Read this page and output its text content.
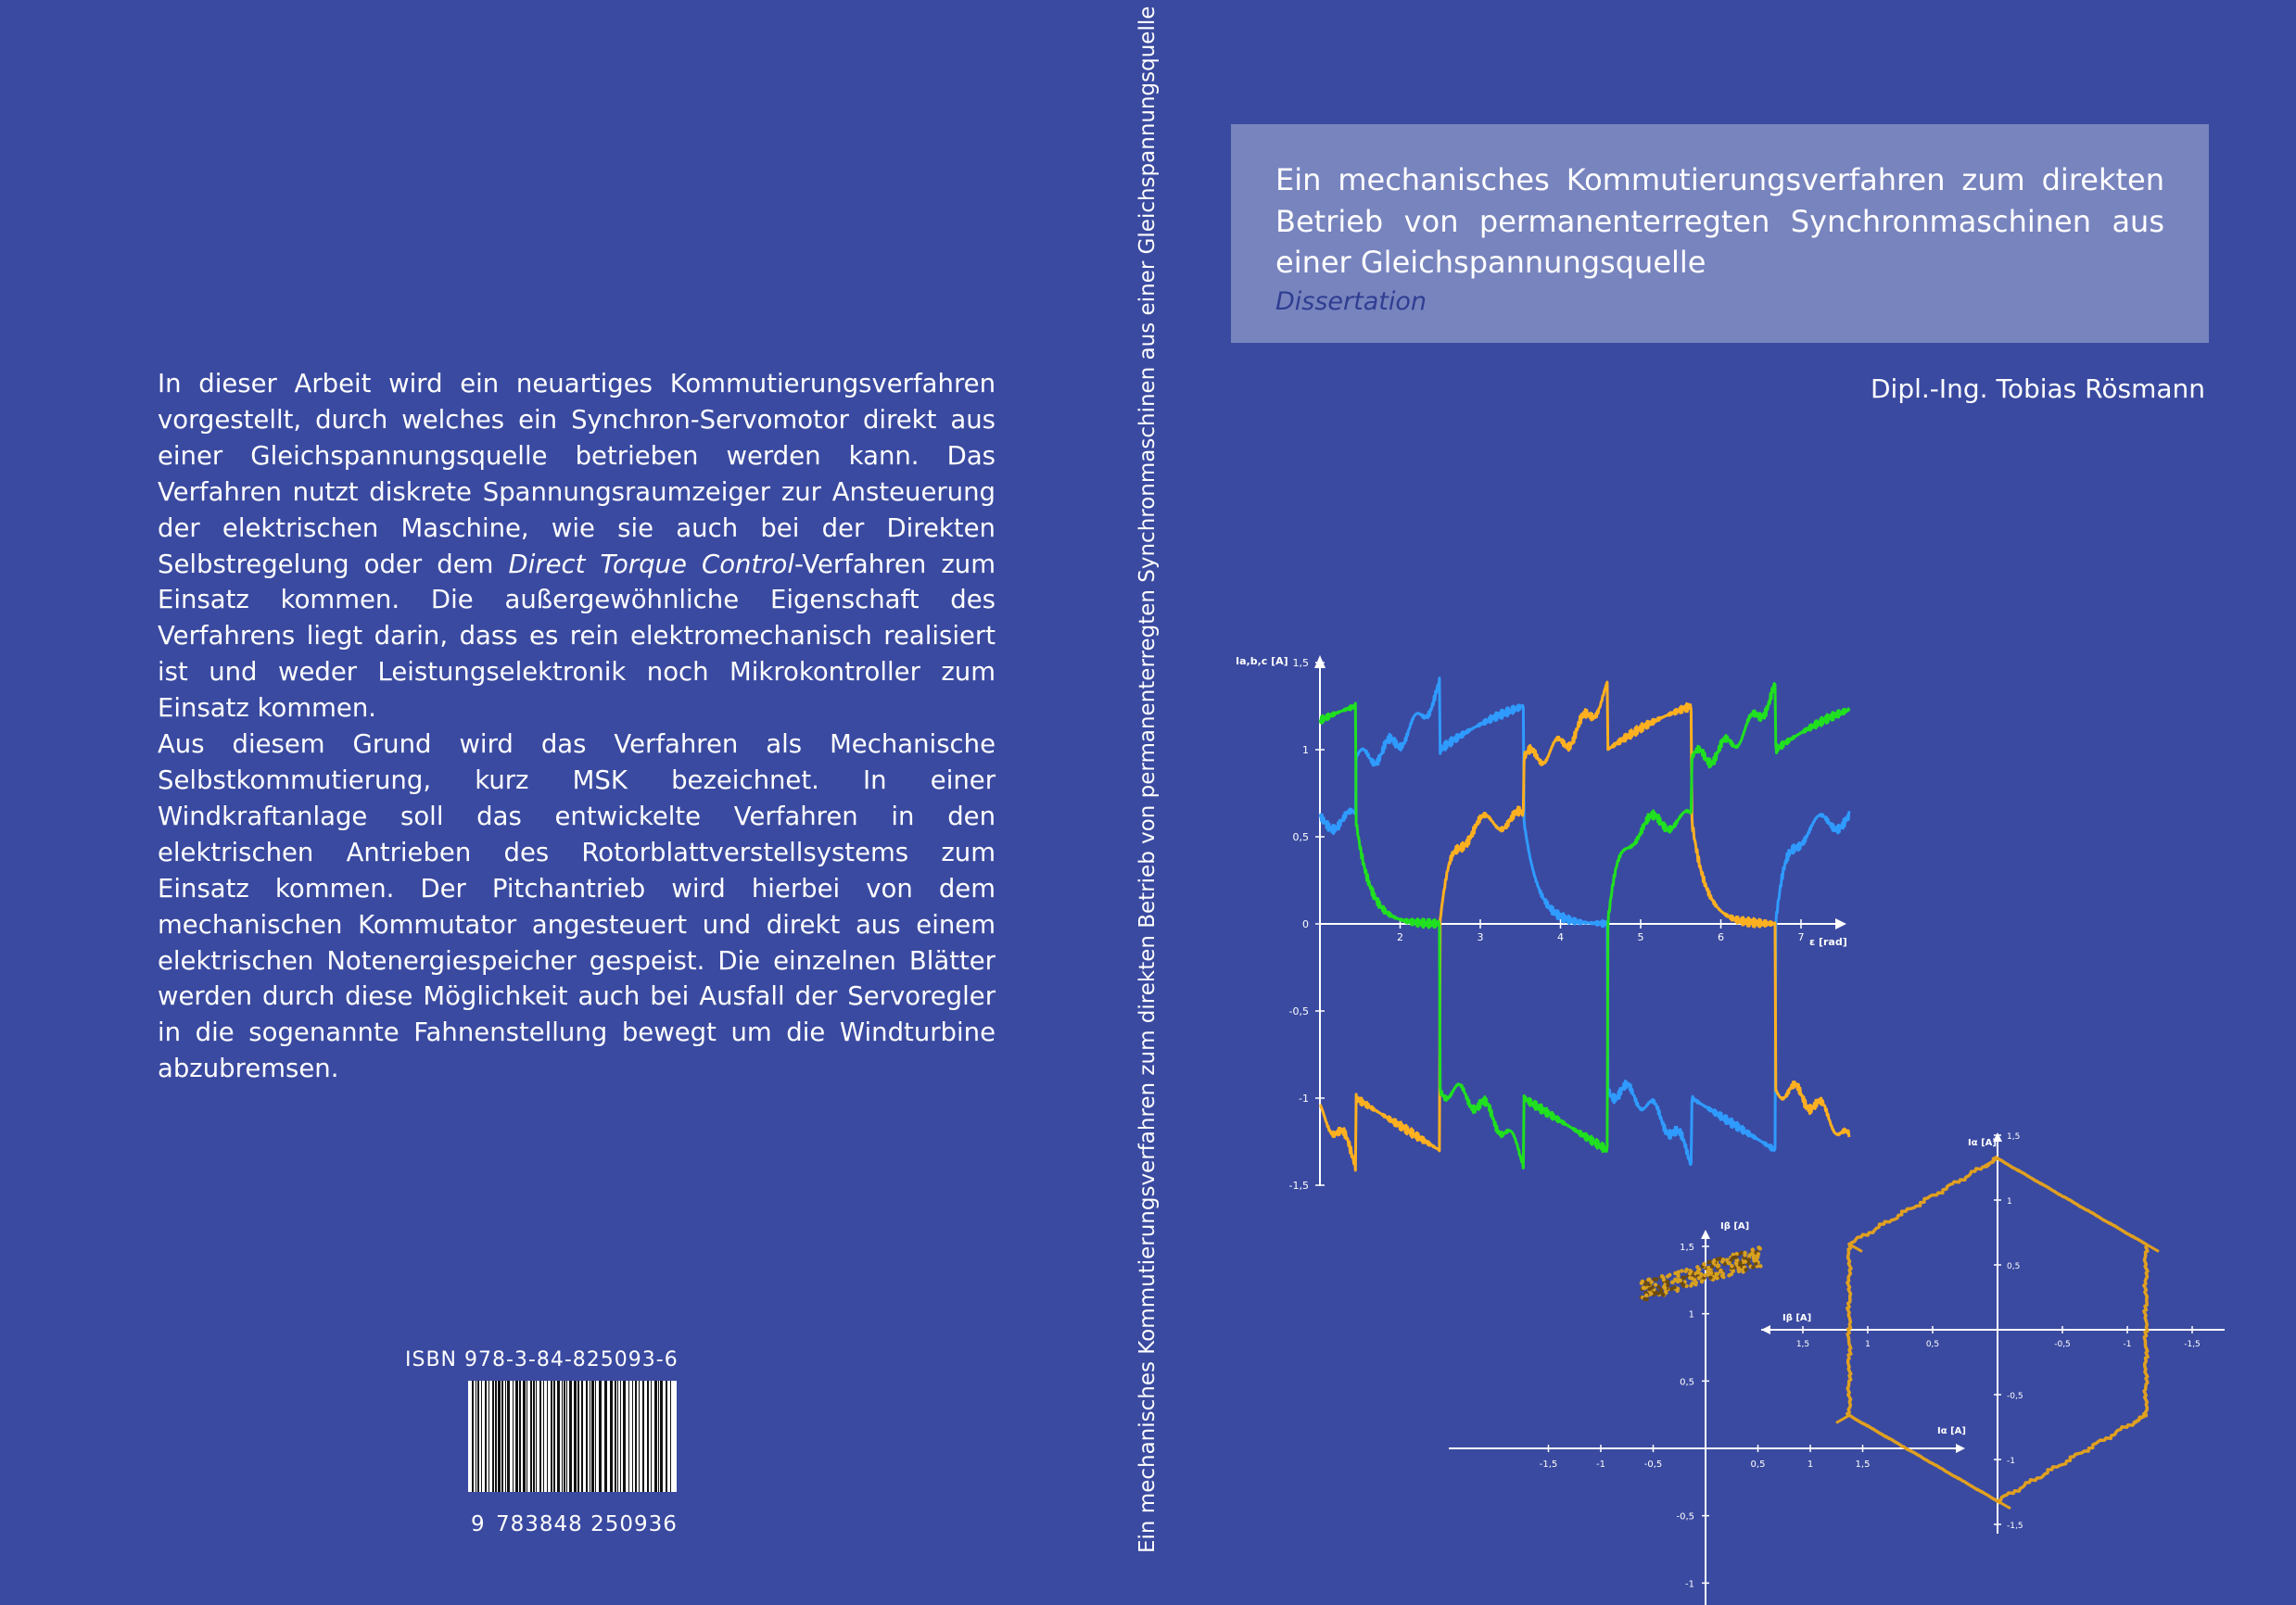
In dieser Arbeit wird ein neuartiges Kommutierungsverfahren vorgestellt, durch welches ein Synchron-Servomotor direkt aus einer Gleichspannungsquelle betrieben werden kann. Das Verfahren nutzt diskrete Spannungsraumzeiger zur Ansteuerung der elektrischen Maschine, wie sie auch bei der Direkten Selbstregelung oder dem Direct Torque Control-Verfahren zum Einsatz kommen. Die außergewöhnliche Eigenschaft des Verfahrens liegt darin, dass es rein elektromechanisch realisiert ist und weder Leistungselektronik noch Mikrokontroller zum Einsatz kommen.

Aus diesem Grund wird das Verfahren als Mechanische Selbstkommutierung, kurz MSK bezeichnet. In einer Windkraftanlage soll das entwickelte Verfahren in den elektrischen Antrieben des Rotorblattverstellsystems zum Einsatz kommen. Der Pitchantrieb wird hierbei von dem mechanischen Kommutator angesteuert und direkt aus einem elektrischen Notenergiespeicher gespeist. Die einzelnen Blätter werden durch diese Möglichkeit auch bei Ausfall der Servoregler in die sogenannte Fahnenstellung bewegt um die Windturbine abzubremsen.

ISBN 978-3-84-825093-6
9 783848 250936	Ein mechanisches Kommutierungsverfahren zum direkten Betrieb von permanenterregten Synchronmaschinen aus einer Gleichspannungsquelle	Ein mechanisches Kommutierungsverfahren zum direkten Betrieb von permanenterregten Synchronmaschinen aus einer Gleichspannungsquelle
Dissertation
Dipl.-Ing. Tobias Rösmann
Ia,b,c [A]
ε [rad]
1,5
1
0,5
0
-0,5
-1
-1,5
2	3	4	5	6	7
Iα [A]
Iβ [A]
-1,5	-1	-0,5	0,5	1	1,5
1,5
1
0,5
-0,5
-1
Iα [A]
Iβ [A]
1,5	1	0,5	-0,5	-1	-1,5
1,5
1
0,5
-0,5
-1
-1,5
